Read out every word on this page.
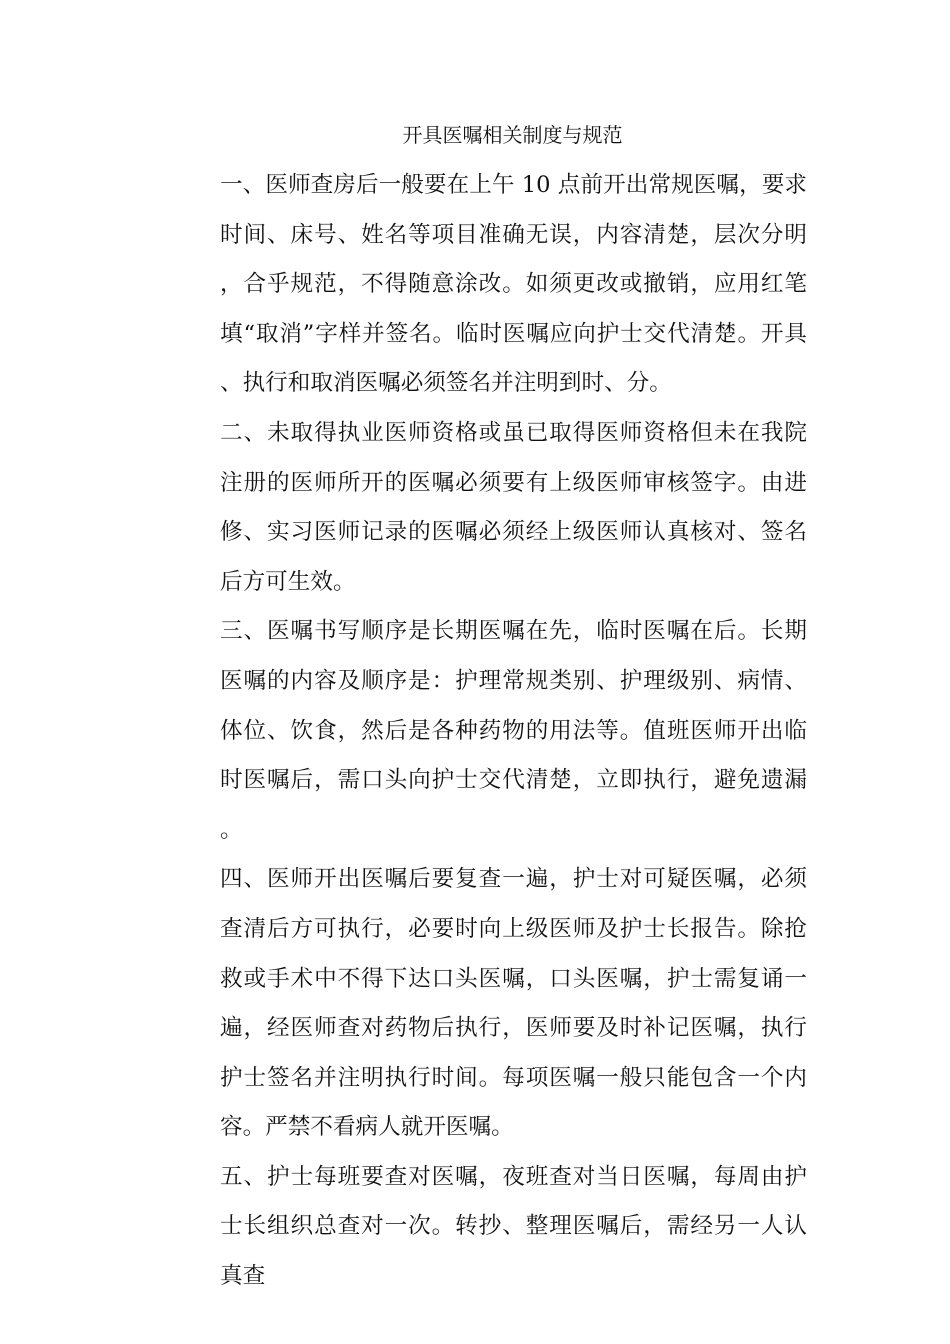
开具医嘱相关制度与规范

一、医师查房后一般要在上午 10 点前开出常规医嘱，要求时间、床号、姓名等项目准确无误，内容清楚，层次分明，合乎规范，不得随意涂改。如须更改或撤销，应用红笔填“取消”字样并签名。临时医嘱应向护士交代清楚。开具、执行和取消医嘱必须签名并注明到时、分。

二、未取得执业医师资格或虽已取得医师资格但未在我院注册的医师所开的医嘱必须要有上级医师审核签字。由进修、实习医师记录的医嘱必须经上级医师认真核对、签名后方可生效。

三、医嘱书写顺序是长期医嘱在先，临时医嘱在后。长期医嘱的内容及顺序是：护理常规类别、护理级别、病情、体位、饮食，然后是各种药物的用法等。值班医师开出临时医嘱后，需口头向护士交代清楚，立即执行，避免遗漏。

四、医师开出医嘱后要复查一遍，护士对可疑医嘱，必须查清后方可执行，必要时向上级医师及护士长报告。除抢救或手术中不得下达口头医嘱，口头医嘱，护士需复诵一遍，经医师查对药物后执行，医师要及时补记医嘱，执行护士签名并注明执行时间。每项医嘱一般只能包含一个内容。严禁不看病人就开医嘱。

五、护士每班要查对医嘱，夜班查对当日医嘱，每周由护士长组织总查对一次。转抄、整理医嘱后，需经另一人认真查
